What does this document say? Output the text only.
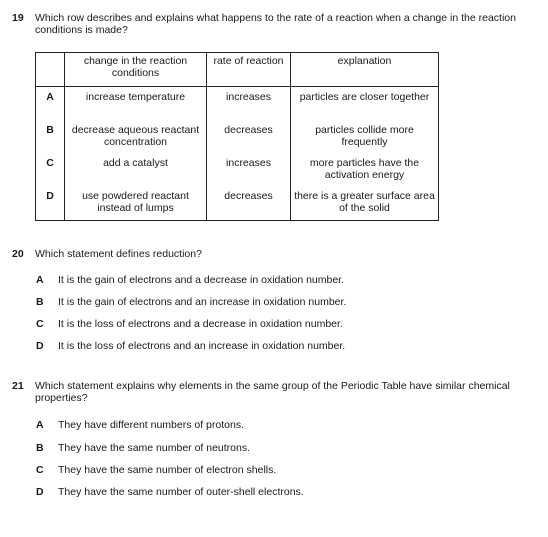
19 Which row describes and explains what happens to the rate of a reaction when a change in the reaction conditions is made?
	change in the reaction conditions	rate of reaction	explanation
A	increase temperature	increases	particles are closer together
B	decrease aqueous reactant concentration	decreases	particles collide more frequently
C	add a catalyst	increases	more particles have the activation energy
D	use powdered reactant instead of lumps	decreases	there is a greater surface area of the solid
20 Which statement defines reduction?
A It is the gain of electrons and a decrease in oxidation number.
B It is the gain of electrons and an increase in oxidation number.
C It is the loss of electrons and a decrease in oxidation number.
D It is the loss of electrons and an increase in oxidation number.
21 Which statement explains why elements in the same group of the Periodic Table have similar chemical properties?
A They have different numbers of protons.
B They have the same number of neutrons.
C They have the same number of electron shells.
D They have the same number of outer-shell electrons.
